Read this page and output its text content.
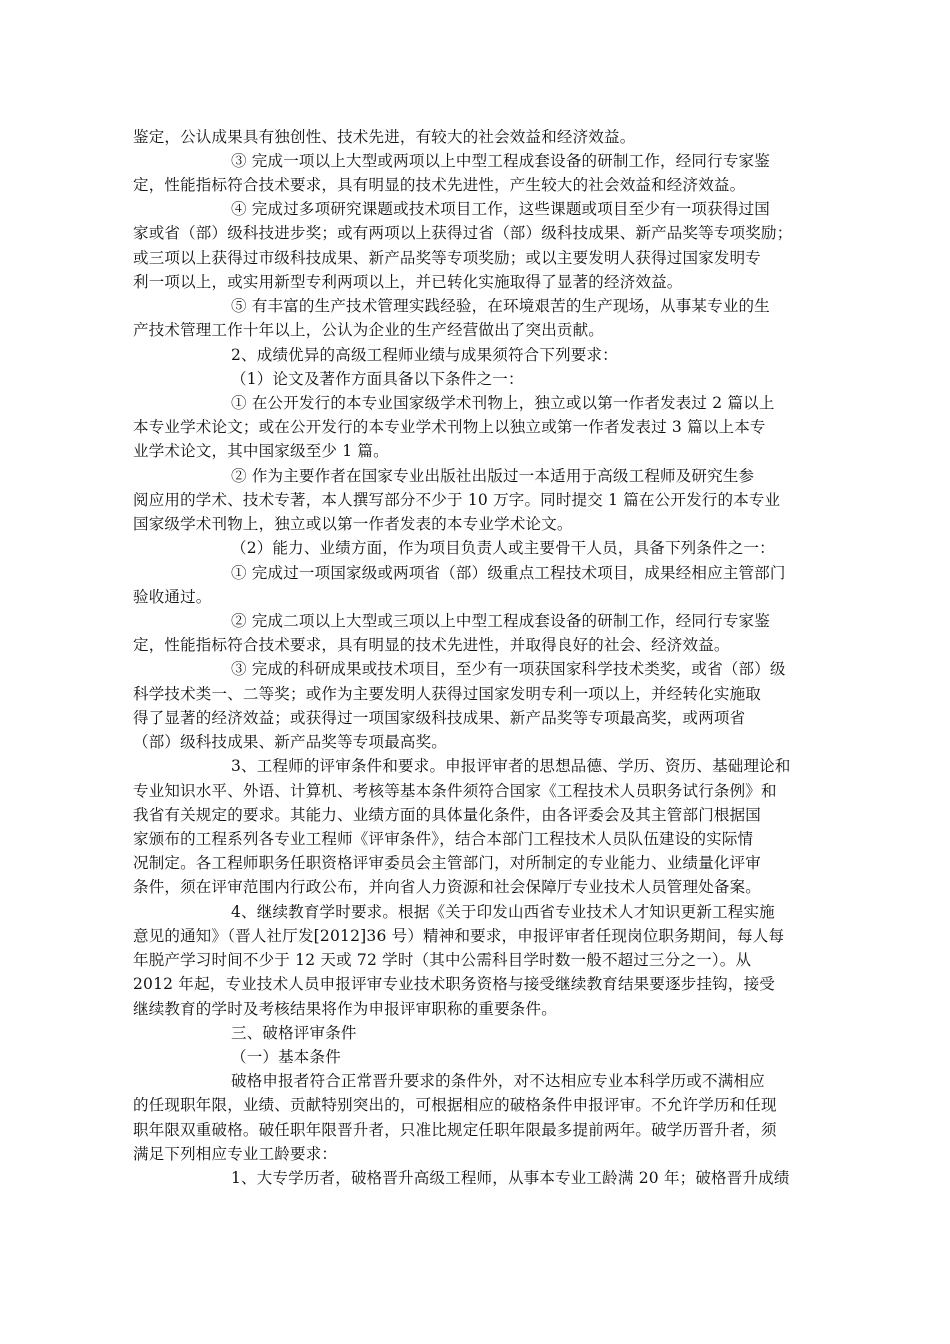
鉴定，公认成果具有独创性、技术先进，有较大的社会效益和经济效益。
③ 完成一项以上大型或两项以上中型工程成套设备的研制工作，经同行专家鉴
定，性能指标符合技术要求，具有明显的技术先进性，产生较大的社会效益和经济效益。
④ 完成过多项研究课题或技术项目工作，这些课题或项目至少有一项获得过国
家或省（部）级科技进步奖；或有两项以上获得过省（部）级科技成果、新产品奖等专项奖励；
或三项以上获得过市级科技成果、新产品奖等专项奖励；或以主要发明人获得过国家发明专
利一项以上，或实用新型专利两项以上，并已转化实施取得了显著的经济效益。
⑤ 有丰富的生产技术管理实践经验，在环境艰苦的生产现场，从事某专业的生
产技术管理工作十年以上，公认为企业的生产经营做出了突出贡献。
2、成绩优异的高级工程师业绩与成果须符合下列要求：
（1）论文及著作方面具备以下条件之一：
① 在公开发行的本专业国家级学术刊物上，独立或以第一作者发表过 2 篇以上
本专业学术论文；或在公开发行的本专业学术刊物上以独立或第一作者发表过 3 篇以上本专
业学术论文，其中国家级至少 1 篇。
② 作为主要作者在国家专业出版社出版过一本适用于高级工程师及研究生参
阅应用的学术、技术专著，本人撰写部分不少于 10 万字。同时提交 1 篇在公开发行的本专业
国家级学术刊物上，独立或以第一作者发表的本专业学术论文。
（2）能力、业绩方面，作为项目负责人或主要骨干人员，具备下列条件之一：
① 完成过一项国家级或两项省（部）级重点工程技术项目，成果经相应主管部门
验收通过。
② 完成二项以上大型或三项以上中型工程成套设备的研制工作，经同行专家鉴
定，性能指标符合技术要求，具有明显的技术先进性，并取得良好的社会、经济效益。
③ 完成的科研成果或技术项目，至少有一项获国家科学技术类奖，或省（部）级
科学技术类一、二等奖；或作为主要发明人获得过国家发明专利一项以上，并经转化实施取
得了显著的经济效益；或获得过一项国家级科技成果、新产品奖等专项最高奖，或两项省
（部）级科技成果、新产品奖等专项最高奖。
3、工程师的评审条件和要求。申报评审者的思想品德、学历、资历、基础理论和
专业知识水平、外语、计算机、考核等基本条件须符合国家《工程技术人员职务试行条例》和
我省有关规定的要求。其能力、业绩方面的具体量化条件，由各评委会及其主管部门根据国
家颁布的工程系列各专业工程师《评审条件》，结合本部门工程技术人员队伍建设的实际情
况制定。各工程师职务任职资格评审委员会主管部门，对所制定的专业能力、业绩量化评审
条件，须在评审范围内行政公布，并向省人力资源和社会保障厅专业技术人员管理处备案。
4、继续教育学时要求。根据《关于印发山西省专业技术人才知识更新工程实施
意见的通知》（晋人社厅发[2012]36 号）精神和要求，申报评审者任现岗位职务期间，每人每
年脱产学习时间不少于 12 天或 72 学时（其中公需科目学时数一般不超过三分之一）。从
2012 年起，专业技术人员申报评审专业技术职务资格与接受继续教育结果要逐步挂钩，接受
继续教育的学时及考核结果将作为申报评审职称的重要条件。
三、破格评审条件
（一）基本条件
破格申报者符合正常晋升要求的条件外，对不达相应专业本科学历或不满相应
的任现职年限，业绩、贡献特别突出的，可根据相应的破格条件申报评审。不允许学历和任现
职年限双重破格。破任职年限晋升者，只准比规定任职年限最多提前两年。破学历晋升者，须
满足下列相应专业工龄要求：
1、大专学历者，破格晋升高级工程师，从事本专业工龄满 20 年；破格晋升成绩
